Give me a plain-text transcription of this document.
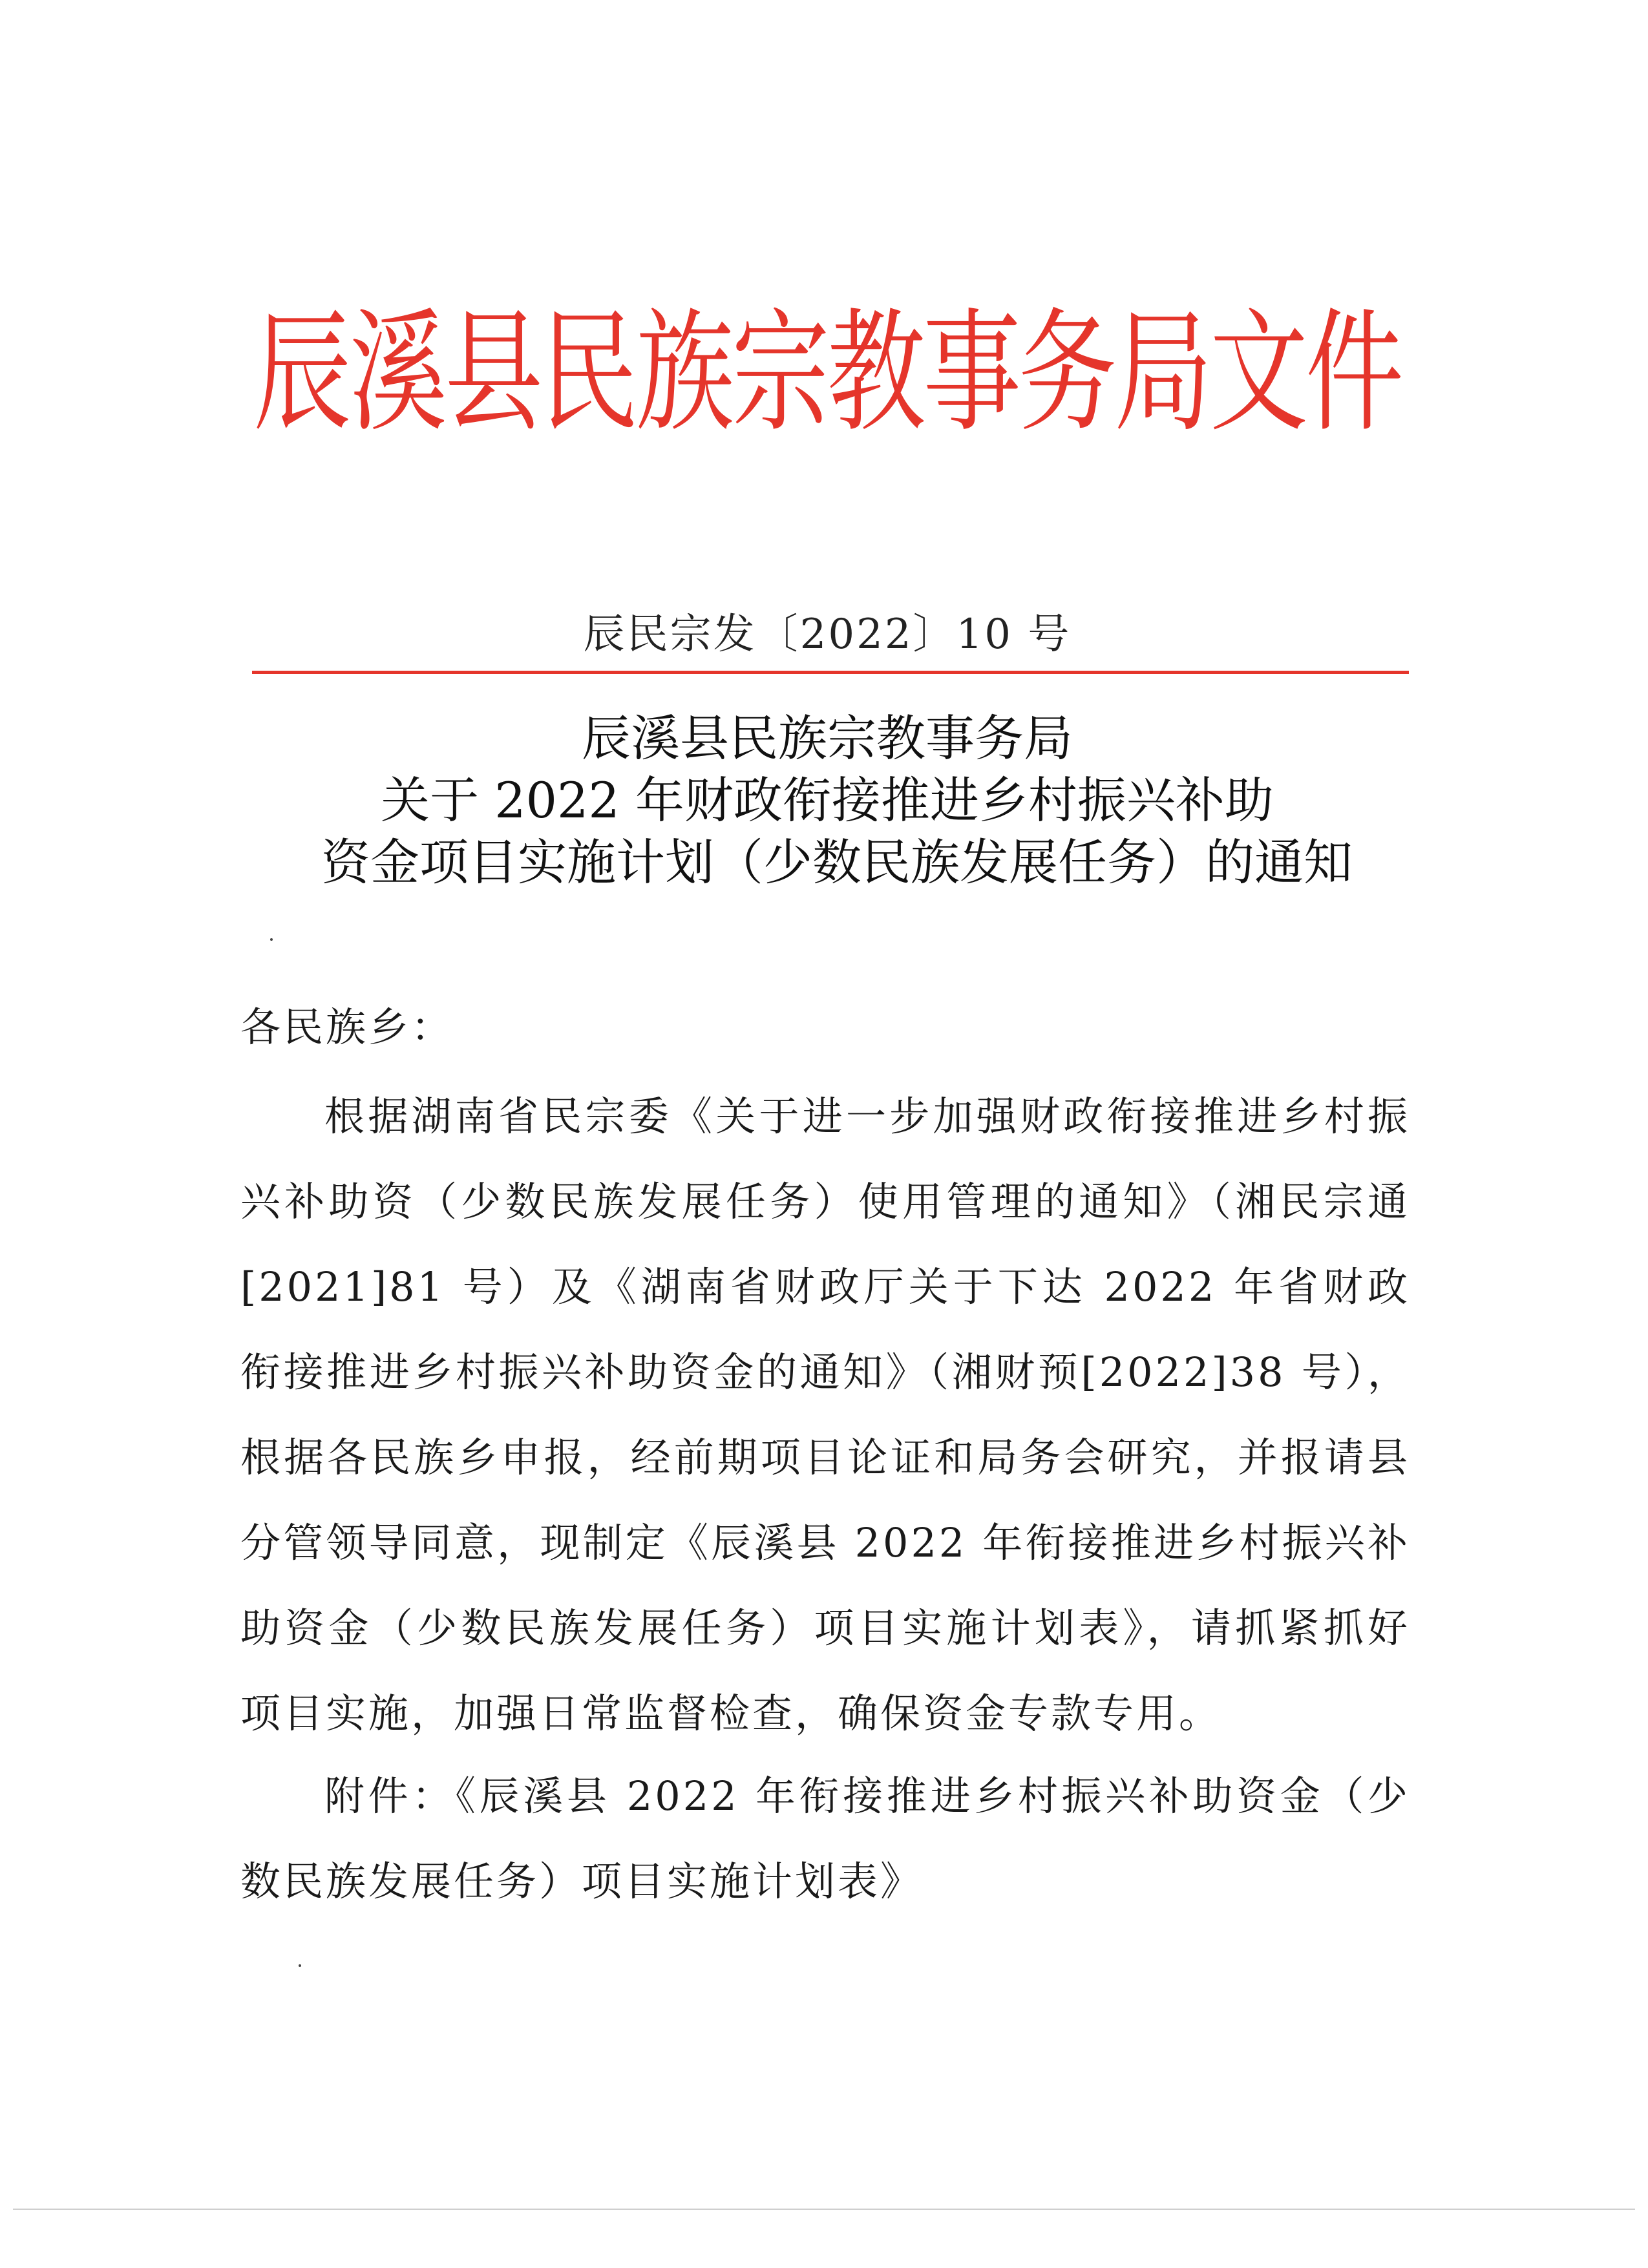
辰溪县民族宗教事务局文件
辰民宗发〔2022〕10 号
辰溪县民族宗教事务局
关于 2022 年财政衔接推进乡村振兴补助
资金项目实施计划（少数民族发展任务）的通知
各民族乡：

根据湖南省民宗委《关于进一步加强财政衔接推进乡村振兴补助资（少数民族发展任务）使用管理的通知》（湘民宗通[2021]81 号）及《湖南省财政厅关于下达 2022 年省财政衔接推进乡村振兴补助资金的通知》（湘财预[2022]38 号），根据各民族乡申报，经前期项目论证和局务会研究，并报请县分管领导同意，现制定《辰溪县 2022 年衔接推进乡村振兴补助资金（少数民族发展任务）项目实施计划表》，请抓紧抓好项目实施，加强日常监督检查，确保资金专款专用。

附件：《辰溪县 2022 年衔接推进乡村振兴补助资金（少数民族发展任务）项目实施计划表》
